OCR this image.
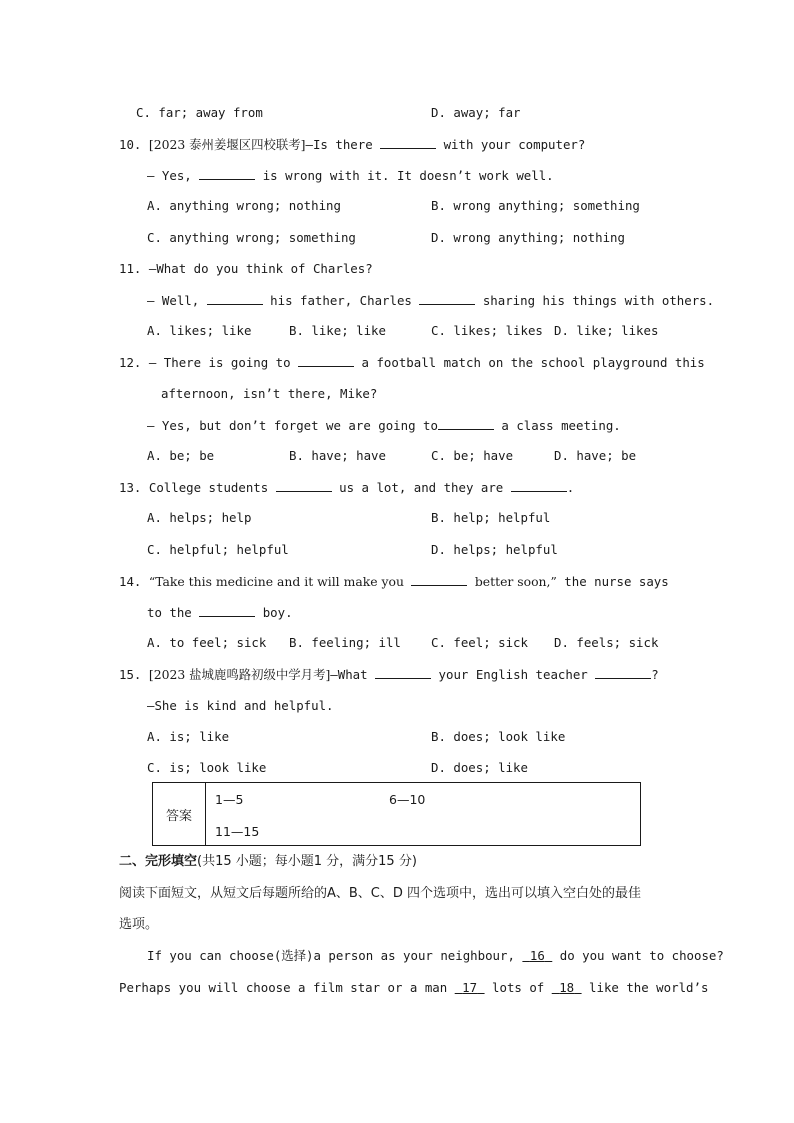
C. far; away from	D. away; far
10. [2023 泰州姜堰区四校联考]—Is there	with your computer?
— Yes,	is wrong with it. It doesn’t work well.
A. anything wrong; nothing	B. wrong anything; something
C. anything wrong; something	D. wrong anything; nothing
11. —What do you think of Charles?
— Well,	his father, Charles	sharing his things with others.
A. likes; like	B. like; like	C. likes; likes D. like; likes
12. — There is going to	a football match on the school playground this
afternoon, isn’t there, Mike?
— Yes, but don’t forget we are going to	a class meeting.
A. be; be	B. have; have	C. be; have	D. have; be
13. College students	us a lot, and they are	.
A. helps; help	B. help; helpful
C. helpful; helpful	D. helps; helpful
14. “Take this medicine and it will make you	better soon,” the nurse says
to the	boy.
A. to feel; sick B. feeling; ill C. feel; sick D. feels; sick
15. [2023 盐城鹿鸣路初级中学月考]—What	your English teacher	?
—She is kind and helpful.
A. is; like	B. does; look like
C. is; look like	D. does; like
答案	
1—5	6—10
11—15
二、完形填空(共15 小题；每小题1 分，满分15 分)
阅读下面短文，从短文后每题所给的A、B、C、D 四个选项中，选出可以填入空白处的最佳
选项。
If you can choose(选择)a person as your neighbour, 16 do you want to choose?
Perhaps you will choose a film star or a man 17 lots of 18 like the world’s
